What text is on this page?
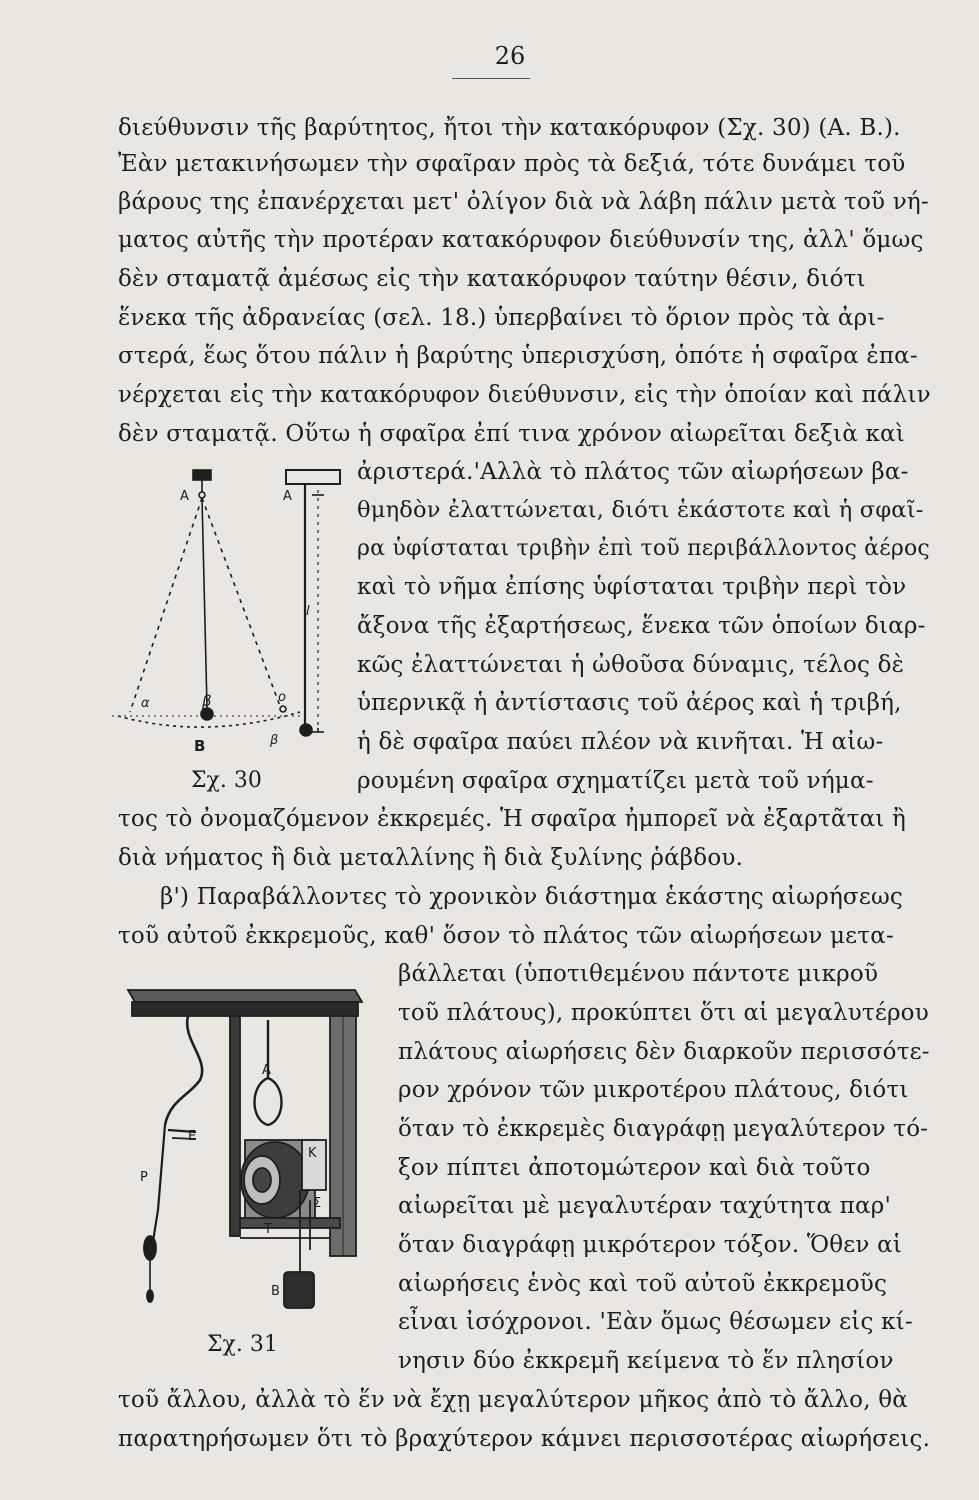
26

διεύθυνσιν τῆς βαρύτητος, ἤτοι τὴν κατακόρυφον (Σχ. 30) (Α. Β.).

Ἐὰν μετακινήσωμεν τὴν σφαῖραν πρὸς τὰ δεξιά, τότε δυνάμει τοῦ

βάρους της ἐπανέρχεται μετ' ὀλίγον διὰ νὰ λάβη πάλιν μετὰ τοῦ νή-

ματος αὐτῆς τὴν προτέραν κατακόρυφον διεύθυνσίν της, ἀλλ' ὅμως

δὲν σταματᾷ ἀμέσως εἰς τὴν κατακόρυφον ταύτην θέσιν, διότι

ἕνεκα τῆς ἀδρανείας (σελ. 18.) ὑπερβαίνει τὸ ὅριον πρὸς τὰ ἀρι-

στερά, ἕως ὅτου πάλιν ἡ βαρύτης ὑπερισχύση, ὁπότε ἡ σφαῖρα ἐπα-

νέρχεται εἰς τὴν κατακόρυφον διεύθυνσιν, εἰς τὴν ὁποίαν καὶ πάλιν

δὲν σταματᾷ. Οὕτω ἡ σφαῖρα ἐπί τινα χρόνον αἰωρεῖται δεξιὰ καὶ

Α	Α
l
α	β	ο
B	β
Σχ. 30

ἀριστερά.'Αλλὰ τὸ πλάτος τῶν αἰωρήσεων βα-

θμηδὸν ἐλαττώνεται, διότι ἑκάστοτε καὶ ἡ σφαῖ-

ρα ὑφίσταται τριβὴν ἐπὶ τοῦ περιβάλλοντος ἀέρος

καὶ τὸ νῆμα ἐπίσης ὑφίσταται τριβὴν περὶ τὸν

ἄξονα τῆς ἐξαρτήσεως, ἕνεκα τῶν ὁποίων διαρ-

κῶς ἐλαττώνεται ἡ ὠθοῦσα δύναμις, τέλος δὲ

ὑπερνικᾷ ἡ ἀντίστασις τοῦ ἀέρος καὶ ἡ τριβή,

ἡ δὲ σφαῖρα παύει πλέον νὰ κινῆται. Ἡ αἰω-

ρουμένη σφαῖρα σχηματίζει μετὰ τοῦ νήμα-

τος τὸ ὀνομαζόμενον ἐκκρεμές. Ἡ σφαῖρα ἠμπορεῖ νὰ ἐξαρτᾶται ἢ

διὰ νήματος ἢ διὰ μεταλλίνης ἢ διὰ ξυλίνης ῥάβδου.

β') Παραβάλλοντες τὸ χρονικὸν διάστημα ἑκάστης αἰωρήσεως

τοῦ αὐτοῦ ἐκκρεμοῦς, καθ' ὅσον τὸ πλάτος τῶν αἰωρήσεων μετα-

Α
Ε
Ρ
Κ
Τ
Σ
Β
Σχ. 31

βάλλεται (ὑποτιθεμένου πάντοτε μικροῦ

τοῦ πλάτους), προκύπτει ὅτι αἱ μεγαλυτέρου

πλάτους αἰωρήσεις δὲν διαρκοῦν περισσότε-

ρον χρόνον τῶν μικροτέρου πλάτους, διότι

ὅταν τὸ ἐκκρεμὲς διαγράφῃ μεγαλύτερον τό-

ξον πίπτει ἀποτομώτερον καὶ διὰ τοῦτο

αἰωρεῖται μὲ μεγαλυτέραν ταχύτητα παρ'

ὅταν διαγράφῃ μικρότερον τόξον. Ὅθεν αἱ

αἰωρήσεις ἑνὸς καὶ τοῦ αὐτοῦ ἐκκρεμοῦς

εἶναι ἰσόχρονοι. 'Εὰν ὅμως θέσωμεν εἰς κί-

νησιν δύο ἐκκρεμῆ κείμενα τὸ ἕν πλησίον

τοῦ ἄλλου, ἀλλὰ τὸ ἕν νὰ ἔχῃ μεγαλύτερον μῆκος ἀπὸ τὸ ἄλλο, θὰ

παρατηρήσωμεν ὅτι τὸ βραχύτερον κάμνει περισσοτέρας αἰωρήσεις.
